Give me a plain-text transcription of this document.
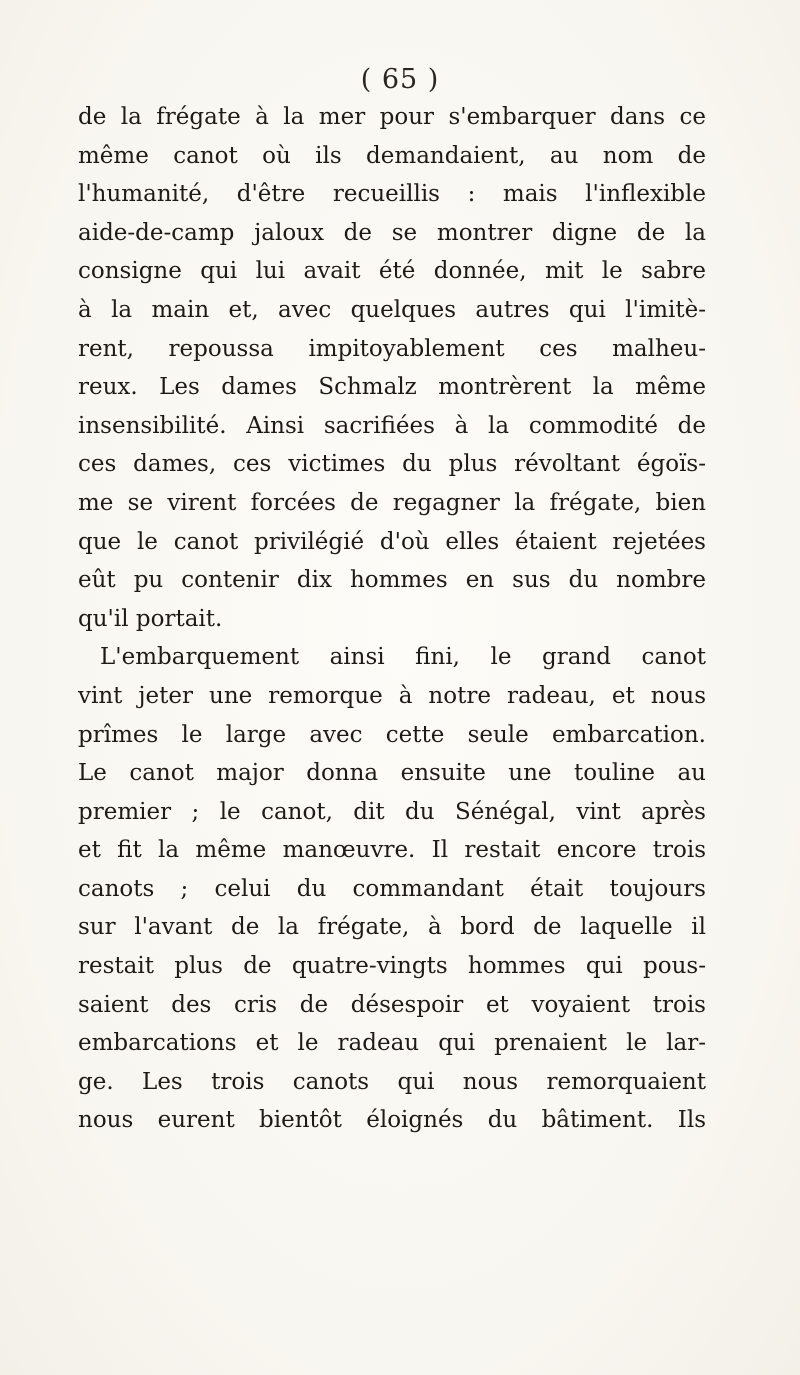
( 65 )
de la frégate à la mer pour s'embarquer dans ce
même canot où ils demandaient, au nom de
l'humanité, d'être recueillis : mais l'inflexible
aide-de-camp jaloux de se montrer digne de la
consigne qui lui avait été donnée, mit le sabre
à la main et, avec quelques autres qui l'imitè-
rent, repoussa impitoyablement ces malheu-
reux. Les dames Schmalz montrèrent la même
insensibilité. Ainsi sacrifiées à la commodité de
ces dames, ces victimes du plus révoltant égoïs-
me se virent forcées de regagner la frégate, bien
que le canot privilégié d'où elles étaient rejetées
eût pu contenir dix hommes en sus du nombre
qu'il portait.
L'embarquement ainsi fini, le grand canot
vint jeter une remorque à notre radeau, et nous
prîmes le large avec cette seule embarcation.
Le canot major donna ensuite une touline au
premier ; le canot, dit du Sénégal, vint après
et fit la même manœuvre. Il restait encore trois
canots ; celui du commandant était toujours
sur l'avant de la frégate, à bord de laquelle il
restait plus de quatre-vingts hommes qui pous-
saient des cris de désespoir et voyaient trois
embarcations et le radeau qui prenaient le lar-
ge. Les trois canots qui nous remorquaient
nous eurent bientôt éloignés du bâtiment. Ils
